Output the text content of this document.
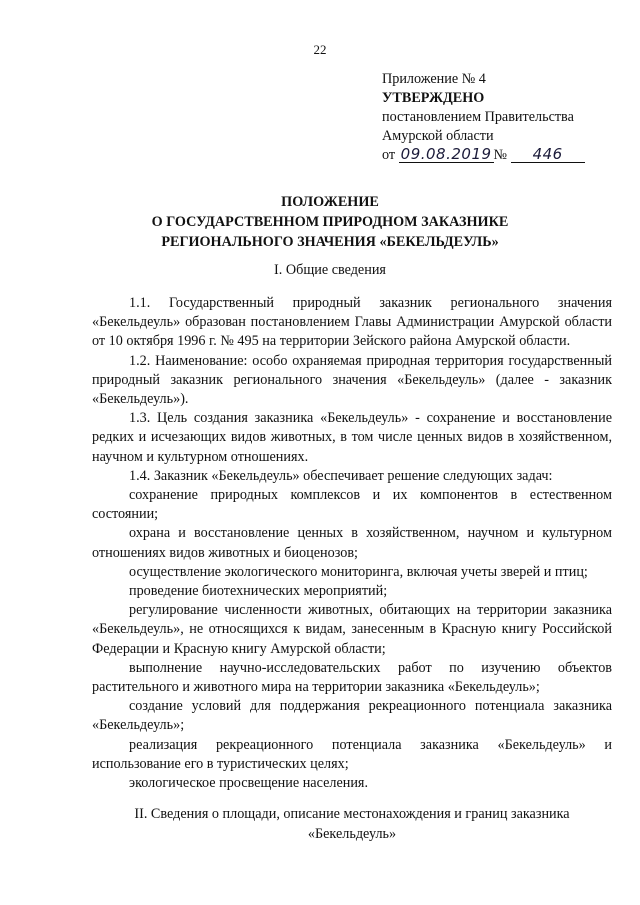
22
Приложение № 4
УТВЕРЖДЕНО
постановлением Правительства
Амурской области
от 09.08.2019 № 446
ПОЛОЖЕНИЕ
О ГОСУДАРСТВЕННОМ ПРИРОДНОМ ЗАКАЗНИКЕ
РЕГИОНАЛЬНОГО ЗНАЧЕНИЯ «БЕКЕЛЬДЕУЛЬ»
I. Общие сведения

1.1. Государственный природный заказник регионального значения «Бекельдеуль» образован постановлением Главы Администрации Амурской области от 10 октября 1996 г. № 495 на территории Зейского района Амурской области.

1.2. Наименование: особо охраняемая природная территория государственный природный заказник регионального значения «Бекельдеуль» (далее - заказник «Бекельдеуль»).

1.3. Цель создания заказника «Бекельдеуль» - сохранение и восстановление редких и исчезающих видов животных, в том числе ценных видов в хозяйственном, научном и культурном отношениях.

1.4. Заказник «Бекельдеуль» обеспечивает решение следующих задач:

сохранение природных комплексов и их компонентов в естественном состоянии;

охрана и восстановление ценных в хозяйственном, научном и культурном отношениях видов животных и биоценозов;

осуществление экологического мониторинга, включая учеты зверей и птиц;

проведение биотехнических мероприятий;

регулирование численности животных, обитающих на территории заказника «Бекельдеуль», не относящихся к видам, занесенным в Красную книгу Российской Федерации и Красную книгу Амурской области;

выполнение научно-исследовательских работ по изучению объектов растительного и животного мира на территории заказника «Бекельдеуль»;

создание условий для поддержания рекреационного потенциала заказника «Бекельдеуль»;

реализация рекреационного потенциала заказника «Бекельдеуль» и использование его в туристических целях;

экологическое просвещение населения.

II. Сведения о площади, описание местонахождения и границ заказника
«Бекельдеуль»
